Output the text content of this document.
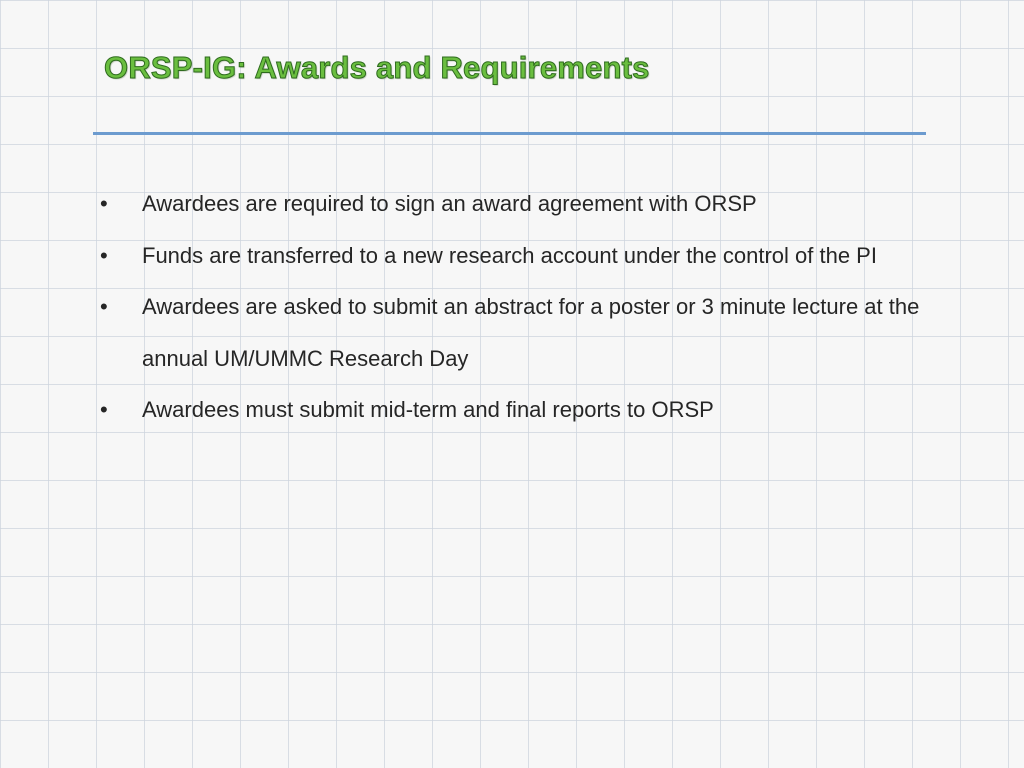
ORSP-IG: Awards and Requirements
• Awardees are required to sign an award agreement with ORSP
• Funds are transferred to a new research account under the control of the PI
• Awardees are asked to submit an abstract for a poster or 3 minute lecture at the annual UM/UMMC Research Day
• Awardees must submit mid-term and final reports to ORSP
